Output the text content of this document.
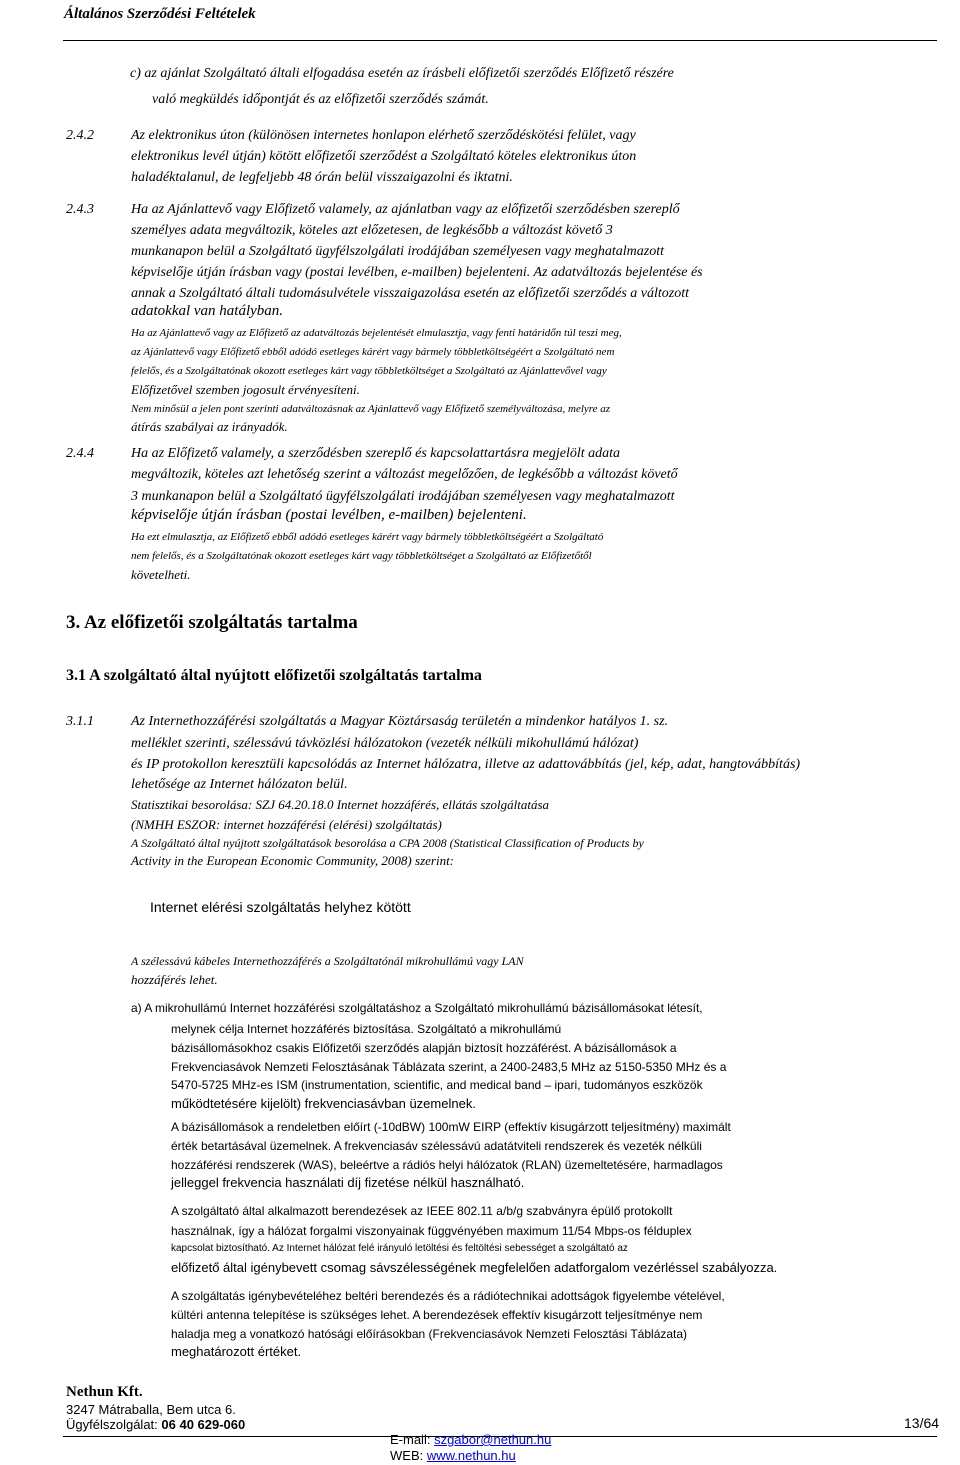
Általános Szerződési Feltételek
c) az ajánlat Szolgáltató általi elfogadása esetén az írásbeli előfizetői szerződés Előfizető részére
való megküldés időpontját és az előfizetői szerződés számát.
2.4.2	Az elektronikus úton (különösen internetes honlapon elérhető szerződéskötési felület, vagy
elektronikus levél útján) kötött előfizetői szerződést a Szolgáltató köteles elektronikus úton
haladéktalanul, de legfeljebb 48 órán belül visszaigazolni és iktatni.
2.4.3	Ha az Ajánlattevő vagy Előfizető valamely, az ajánlatban vagy az előfizetői szerződésben szereplő
személyes adata megváltozik, köteles azt előzetesen, de legkésőbb a változást követő 3
munkanapon belül a Szolgáltató ügyfélszolgálati irodájában személyesen vagy meghatalmazott
képviselője útján írásban vagy (postai levélben, e-mailben) bejelenteni. Az adatváltozás bejelentése és
annak a Szolgáltató általi tudomásulvétele visszaigazolása esetén az előfizetői szerződés a változott
adatokkal van hatályban.
Ha az Ajánlattevő vagy az Előfizető az adatváltozás bejelentését elmulasztja, vagy fenti határidőn túl teszi meg,
az Ajánlattevő vagy Előfizető ebből adódó esetleges kárért vagy bármely többletköltségéért a Szolgáltató nem
felelős, és a Szolgáltatónak okozott esetleges kárt vagy többletköltséget a Szolgáltató az Ajánlattevővel vagy
Előfizetővel szemben jogosult érvényesíteni.
Nem minősül a jelen pont szerinti adatváltozásnak az Ajánlattevő vagy Előfizető személyváltozása, melyre az
átírás szabályai az irányadók.
2.4.4	Ha az Előfizető valamely, a szerződésben szereplő és kapcsolattartásra megjelölt adata
megváltozik, köteles azt lehetőség szerint a változást megelőzően, de legkésőbb a változást követő
3 munkanapon belül a Szolgáltató ügyfélszolgálati irodájában személyesen vagy meghatalmazott
képviselője útján írásban (postai levélben, e-mailben) bejelenteni.
Ha ezt elmulasztja, az Előfizető ebből adódó esetleges kárért vagy bármely többletköltségéért a Szolgáltató
nem felelős, és a Szolgáltatónak okozott esetleges kárt vagy többletköltséget a Szolgáltató az Előfizetőtől
követelheti.
3. Az előfizetői szolgáltatás tartalma
3.1 A szolgáltató által nyújtott előfizetői szolgáltatás tartalma
3.1.1	Az Internethozzáférési szolgáltatás a Magyar Köztársaság területén a mindenkor hatályos 1. sz.
melléklet szerinti, szélessávú távközlési hálózatokon (vezeték nélküli mikohullámú hálózat)
és IP protokollon keresztüli kapcsolódás az Internet hálózatra, illetve az adattovábbítás (jel, kép, adat, hangtovábbítás)
lehetősége az Internet hálózaton belül.
Statisztikai besorolása: SZJ 64.20.18.0 Internet hozzáférés, ellátás szolgáltatása
(NMHH ESZOR: internet hozzáférési (elérési) szolgáltatás)
A Szolgáltató által nyújtott szolgáltatások besorolása a CPA 2008 (Statistical Classification of Products by
Activity in the European Economic Community, 2008) szerint:
Internet elérési szolgáltatás helyhez kötött
A szélessávú kábeles Internethozzáférés a Szolgáltatónál mikrohullámú vagy LAN
hozzáférés lehet.
a) A mikrohullámú Internet hozzáférési szolgáltatáshoz a Szolgáltató mikrohullámú bázisállomásokat létesít,
melynek célja Internet hozzáférés biztosítása. Szolgáltató a mikrohullámú
bázisállomásokhoz csakis Előfizetői szerződés alapján biztosít hozzáférést. A bázisállomások a
Frekvenciasávok Nemzeti Felosztásának Táblázata szerint, a 2400-2483,5 MHz az 5150-5350 MHz és a
5470-5725 MHz-es ISM (instrumentation, scientific, and medical band – ipari, tudományos eszközök
működtetésére kijelölt) frekvenciasávban üzemelnek.
A bázisállomások a rendeletben előírt (-10dBW) 100mW EIRP (effektív kisugárzott teljesítmény) maximált
érték betartásával üzemelnek. A frekvenciasáv szélessávú adatátviteli rendszerek és vezeték nélküli
hozzáférési rendszerek (WAS), beleértve a rádiós helyi hálózatok (RLAN) üzemeltetésére, harmadlagos
jelleggel frekvencia használati díj fizetése nélkül használható.
A szolgáltató által alkalmazott berendezések az IEEE 802.11 a/b/g szabványra épülő protokollt
használnak, így a hálózat forgalmi viszonyainak függvényében maximum 11/54 Mbps-os félduplex
kapcsolat biztosítható. Az Internet hálózat felé irányuló letöltési és feltöltési sebességet a szolgáltató az
előfizető által igénybevett csomag sávszélességének megfelelően adatforgalom vezérléssel szabályozza.
A szolgáltatás igénybevételéhez beltéri berendezés és a rádiótechnikai adottságok figyelembe vételével,
kültéri antenna telepítése is szükséges lehet. A berendezések effektív kisugárzott teljesítménye nem
haladja meg a vonatkozó hatósági előírásokban (Frekvenciasávok Nemzeti Felosztási Táblázata)
meghatározott értéket.
Nethun Kft.
3247 Mátraballa, Bem utca 6.
Ügyfélszolgálat: 06 40 629-060	13/64
E-mail: szgabor@nethun.hu
WEB: www.nethun.hu
